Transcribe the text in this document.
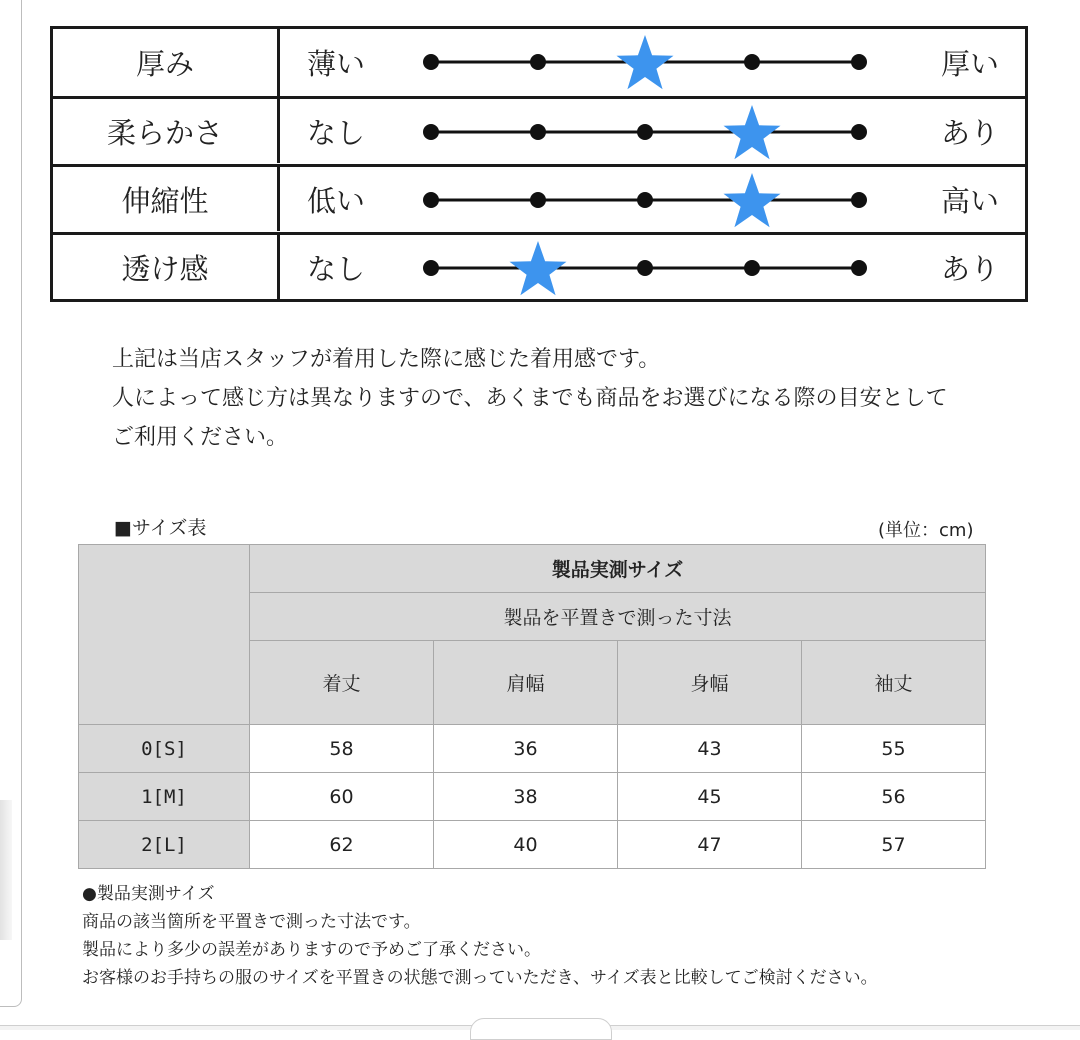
厚み	薄い	厚い
柔らかさ	なし	あり
伸縮性	低い	高い
透け感	なし	あり
上記は当店スタッフが着用した際に感じた着用感です。
人によって感じ方は異なりますので、あくまでも商品をお選びになる際の目安として
ご利用ください。
■サイズ表	(単位：cm)
	製品実測サイズ			
	製品を平置きで測った寸法			
	着丈	肩幅	身幅	袖丈
0[S]	58	36	43	55
1[M]	60	38	45	56
2[L]	62	40	47	57
●製品実測サイズ
商品の該当箇所を平置きで測った寸法です。
製品により多少の誤差がありますので予めご了承ください。
お客様のお手持ちの服のサイズを平置きの状態で測っていただき、サイズ表と比較してご検討ください。
